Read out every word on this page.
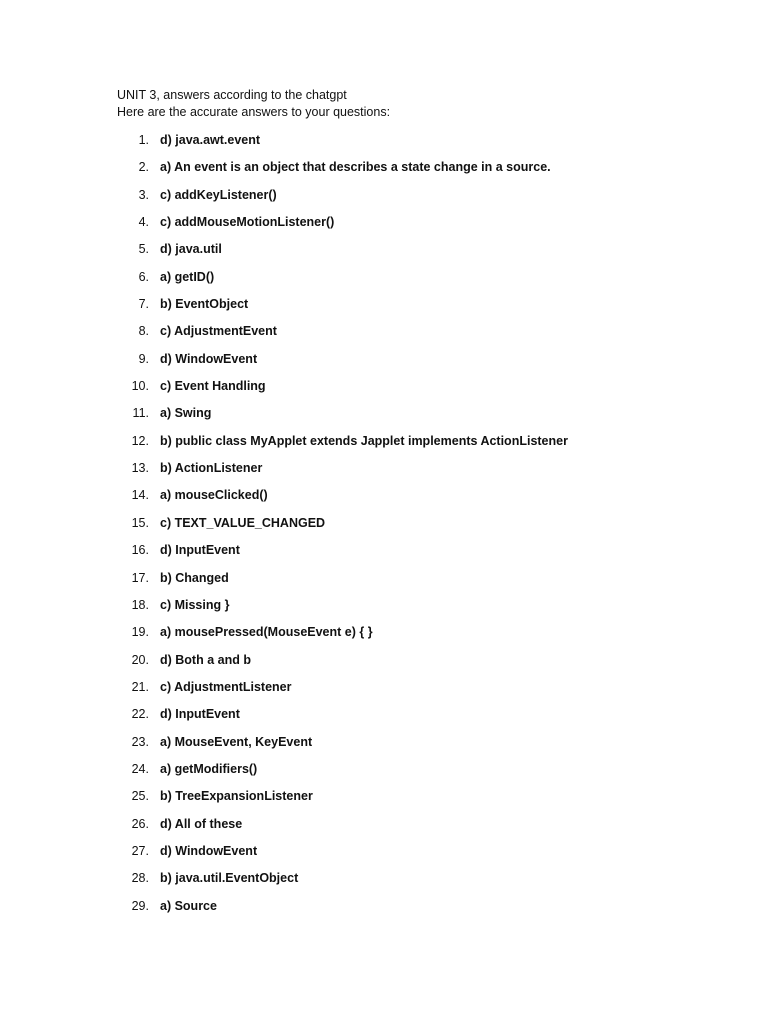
UNIT 3, answers according to the chatgpt

Here are the accurate answers to your questions:

1. d) java.awt.event
2. a) An event is an object that describes a state change in a source.
3. c) addKeyListener()
4. c) addMouseMotionListener()
5. d) java.util
6. a) getID()
7. b) EventObject
8. c) AdjustmentEvent
9. d) WindowEvent
10. c) Event Handling
11. a) Swing
12. b) public class MyApplet extends Japplet implements ActionListener
13. b) ActionListener
14. a) mouseClicked()
15. c) TEXT_VALUE_CHANGED
16. d) InputEvent
17. b) Changed
18. c) Missing }
19. a) mousePressed(MouseEvent e) { }
20. d) Both a and b
21. c) AdjustmentListener
22. d) InputEvent
23. a) MouseEvent, KeyEvent
24. a) getModifiers()
25. b) TreeExpansionListener
26. d) All of these
27. d) WindowEvent
28. b) java.util.EventObject
29. a) Source
